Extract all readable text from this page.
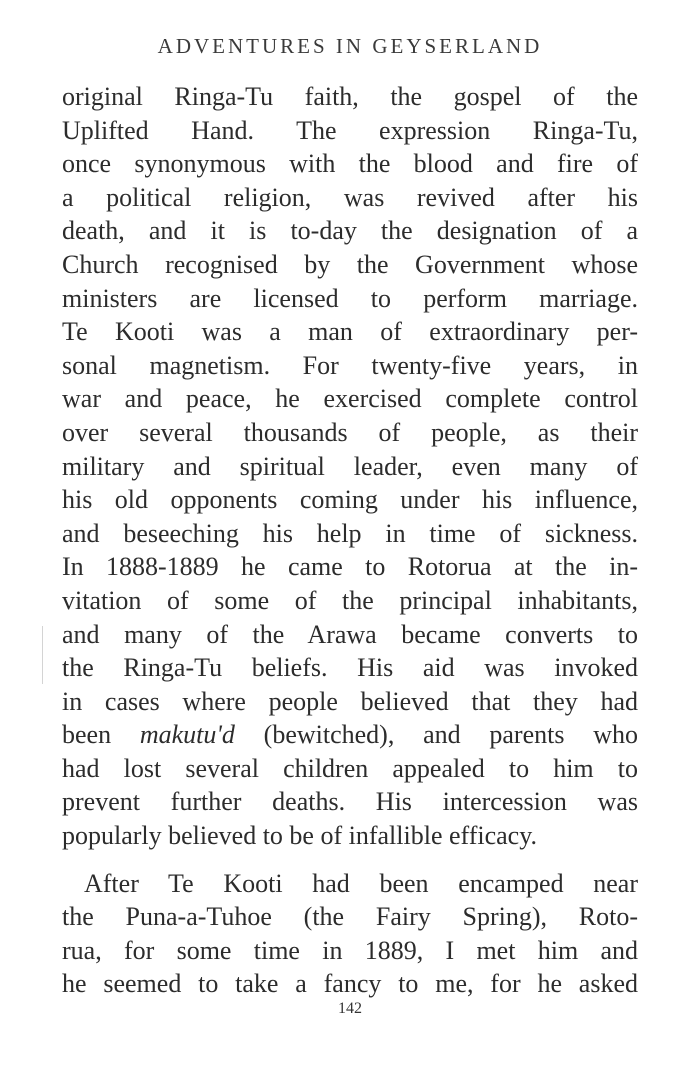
ADVENTURES IN GEYSERLAND
original Ringa-Tu faith, the gospel of the
Uplifted Hand. The expression Ringa-Tu,
once synonymous with the blood and fire of
a political religion, was revived after his
death, and it is to-day the designation of a
Church recognised by the Government whose
ministers are licensed to perform marriage.
Te Kooti was a man of extraordinary per-
sonal magnetism. For twenty-five years, in
war and peace, he exercised complete control
over several thousands of people, as their
military and spiritual leader, even many of
his old opponents coming under his influence,
and beseeching his help in time of sickness.
In 1888-1889 he came to Rotorua at the in-
vitation of some of the principal inhabitants,
and many of the Arawa became converts to
the Ringa-Tu beliefs. His aid was invoked
in cases where people believed that they had
been makutu'd (bewitched), and parents who
had lost several children appealed to him to
prevent further deaths. His intercession was
popularly believed to be of infallible efficacy.
After Te Kooti had been encamped near
the Puna-a-Tuhoe (the Fairy Spring), Roto-
rua, for some time in 1889, I met him and
he seemed to take a fancy to me, for he asked
142
